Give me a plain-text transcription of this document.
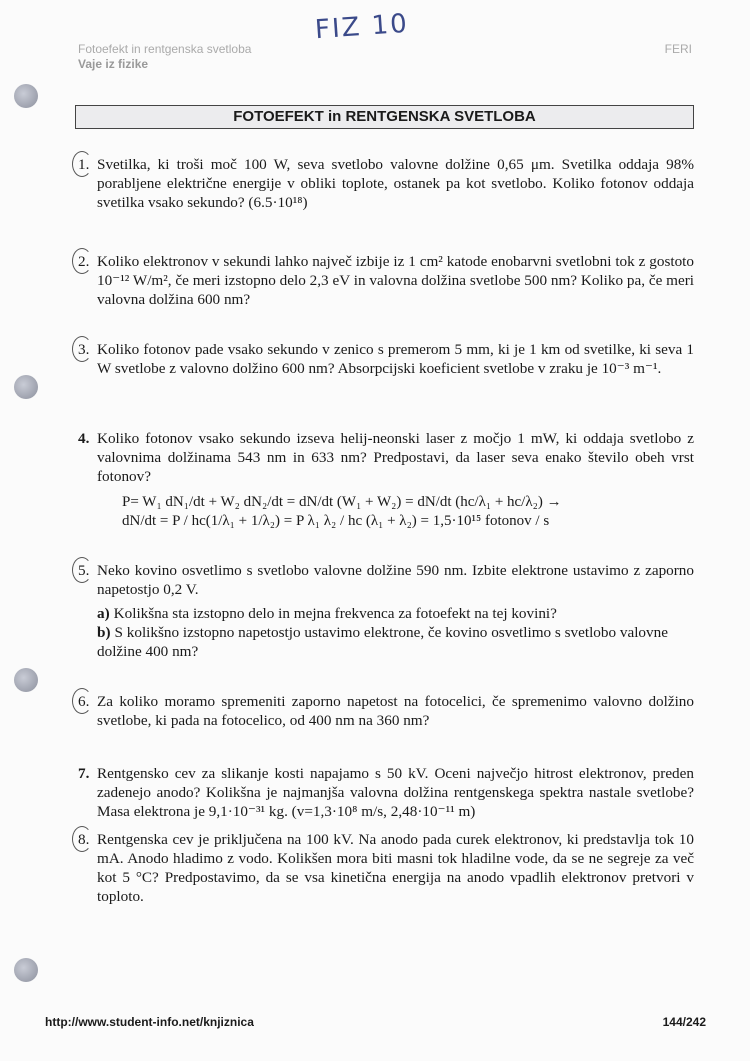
FIZ 10
Fotoefekt in rentgenska svetloba
Vaje iz fizike
FERI
FOTOEFEKT in RENTGENSKA SVETLOBA
1. Svetilka, ki troši moč 100 W, seva svetlobo valovne dolžine 0,65 μm. Svetilka oddaja 98% porabljene električne energije v obliki toplote, ostanek pa kot svetlobo. Koliko fotonov oddaja svetilka vsako sekundo? (6.5·10¹⁸)
2. Koliko elektronov v sekundi lahko največ izbije iz 1 cm² katode enobarvni svetlobni tok z gostoto 10⁻¹² W/m², če meri izstopno delo 2,3 eV in valovna dolžina svetlobe 500 nm? Koliko pa, če meri valovna dolžina 600 nm?
3. Koliko fotonov pade vsako sekundo v zenico s premerom 5 mm, ki je 1 km od svetilke, ki seva 1 W svetlobe z valovno dolžino 600 nm? Absorpcijski koeficient svetlobe v zraku je 10⁻³ m⁻¹.
4. Koliko fotonov vsako sekundo izseva helij-neonski laser z močjo 1 mW, ki oddaja svetlobo z valovnima dolžinama 543 nm in 633 nm? Predpostavi, da laser seva enako število obeh vrst fotonov?
P= W₁ dN₁/dt + W₂ dN₂/dt = dN/dt (W₁ + W₂) = dN/dt (hc/λ₁ + hc/λ₂) →
dN/dt = P / hc(1/λ₁ + 1/λ₂) = P λ₁ λ₂ / hc (λ₁ + λ₂) = 1,5·10¹⁵ fotonov / s
5. Neko kovino osvetlimo s svetlobo valovne dolžine 590 nm. Izbite elektrone ustavimo z zaporno napetostjo 0,2 V.
a) Kolikšna sta izstopno delo in mejna frekvenca za fotoefekt na tej kovini?
b) S kolikšno izstopno napetostjo ustavimo elektrone, če kovino osvetlimo s svetlobo valovne dolžine 400 nm?
6. Za koliko moramo spremeniti zaporno napetost na fotocelici, če spremenimo valovno dolžino svetlobe, ki pada na fotocelico, od 400 nm na 360 nm?
7. Rentgensko cev za slikanje kosti napajamo s 50 kV. Oceni največjo hitrost elektronov, preden zadenejo anodo? Kolikšna je najmanjša valovna dolžina rentgenskega spektra nastale svetlobe? Masa elektrona je 9,1·10⁻³¹ kg. (v=1,3·10⁸ m/s, 2,48·10⁻¹¹ m)
8. Rentgenska cev je priključena na 100 kV. Na anodo pada curek elektronov, ki predstavlja tok 10 mA. Anodo hladimo z vodo. Kolikšen mora biti masni tok hladilne vode, da se ne segreje za več kot 5 °C? Predpostavimo, da se vsa kinetična energija na anodo vpadlih elektronov pretvori v toploto.
http://www.student-info.net/knjiznica	144/242
